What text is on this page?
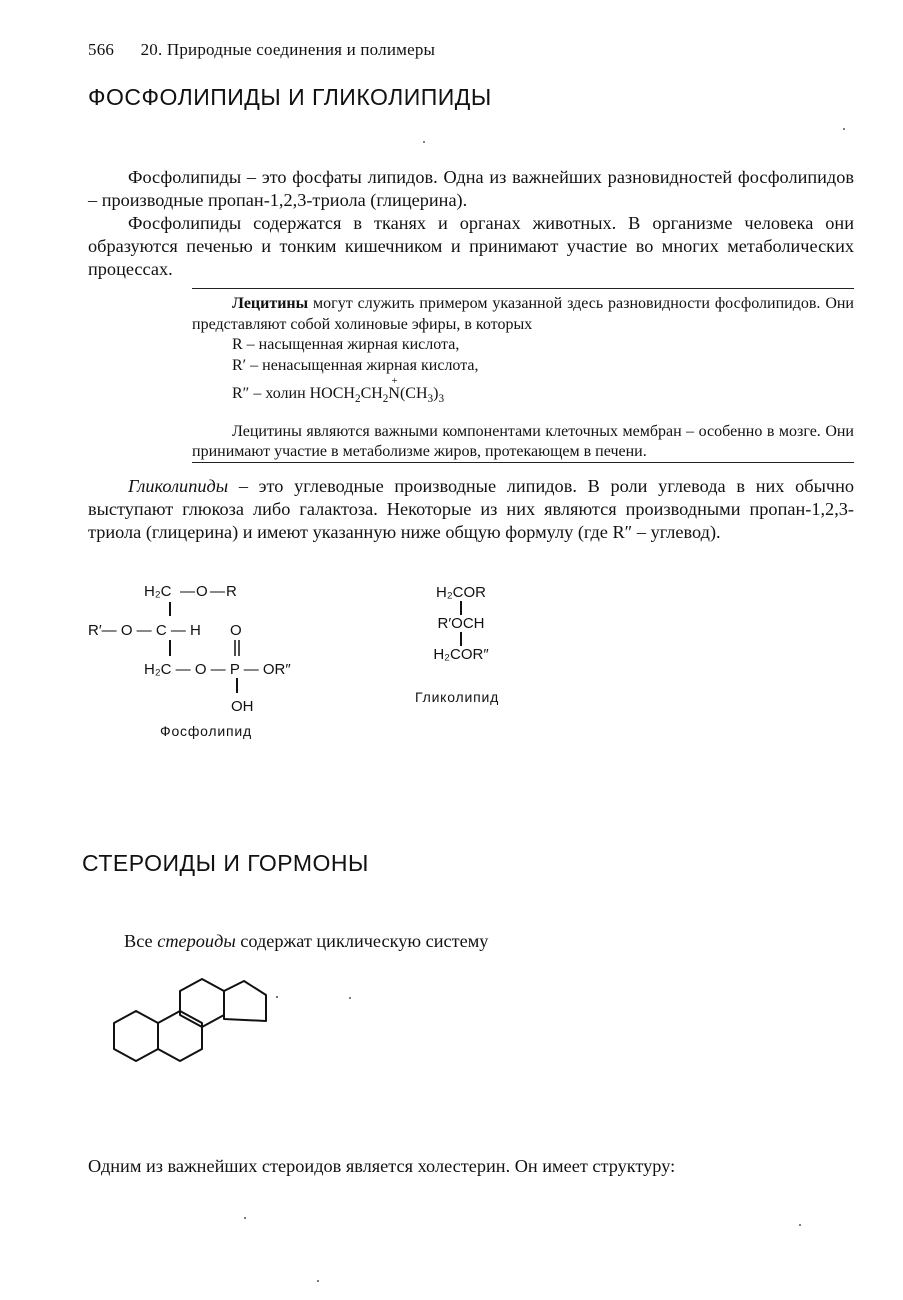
566 20. Природные соединения и полимеры
ФОСФОЛИПИДЫ И ГЛИКОЛИПИДЫ

Фосфолипиды – это фосфаты липидов. Одна из важнейших разновидностей фосфолипидов – производные пропан-1,2,3-триола (глицерина).

Фосфолипиды содержатся в тканях и органах животных. В организме человека они образуются печенью и тонким кишечником и принимают участие во многих метаболических процессах.

Лецитины могут служить примером указанной здесь разновидности фосфолипидов. Они представляют собой холиновые эфиры, в которых

R – насыщенная жирная кислота,

R′ – ненасыщенная жирная кислота,

R″ – холин $HOCH_2CH_2N$
+
$(CH_3)_3$

Лецитины являются важными компонентами клеточных мембран – особенно в мозге. Они принимают участие в метаболизме жиров, протекающем в печени.

Гликолипиды – это углеводные производные липидов. В роли углевода в них обычно выступают глюкоза либо галактоза. Некоторые из них являются производными пропан-1,2,3-триола (глицерина) и имеют указанную ниже общую формулу (где R″ – углевод).

H₂C — O — R
R′— O — C — H O
H₂C — O — P — OR″
OH
Фосфолипид
H₂COR
R′OCH
H₂COR″
Гликолипид
СТЕРОИДЫ И ГОРМОНЫ
Все стероиды содержат циклическую систему
Одним из важнейших стероидов является холестерин. Он имеет структуру:
